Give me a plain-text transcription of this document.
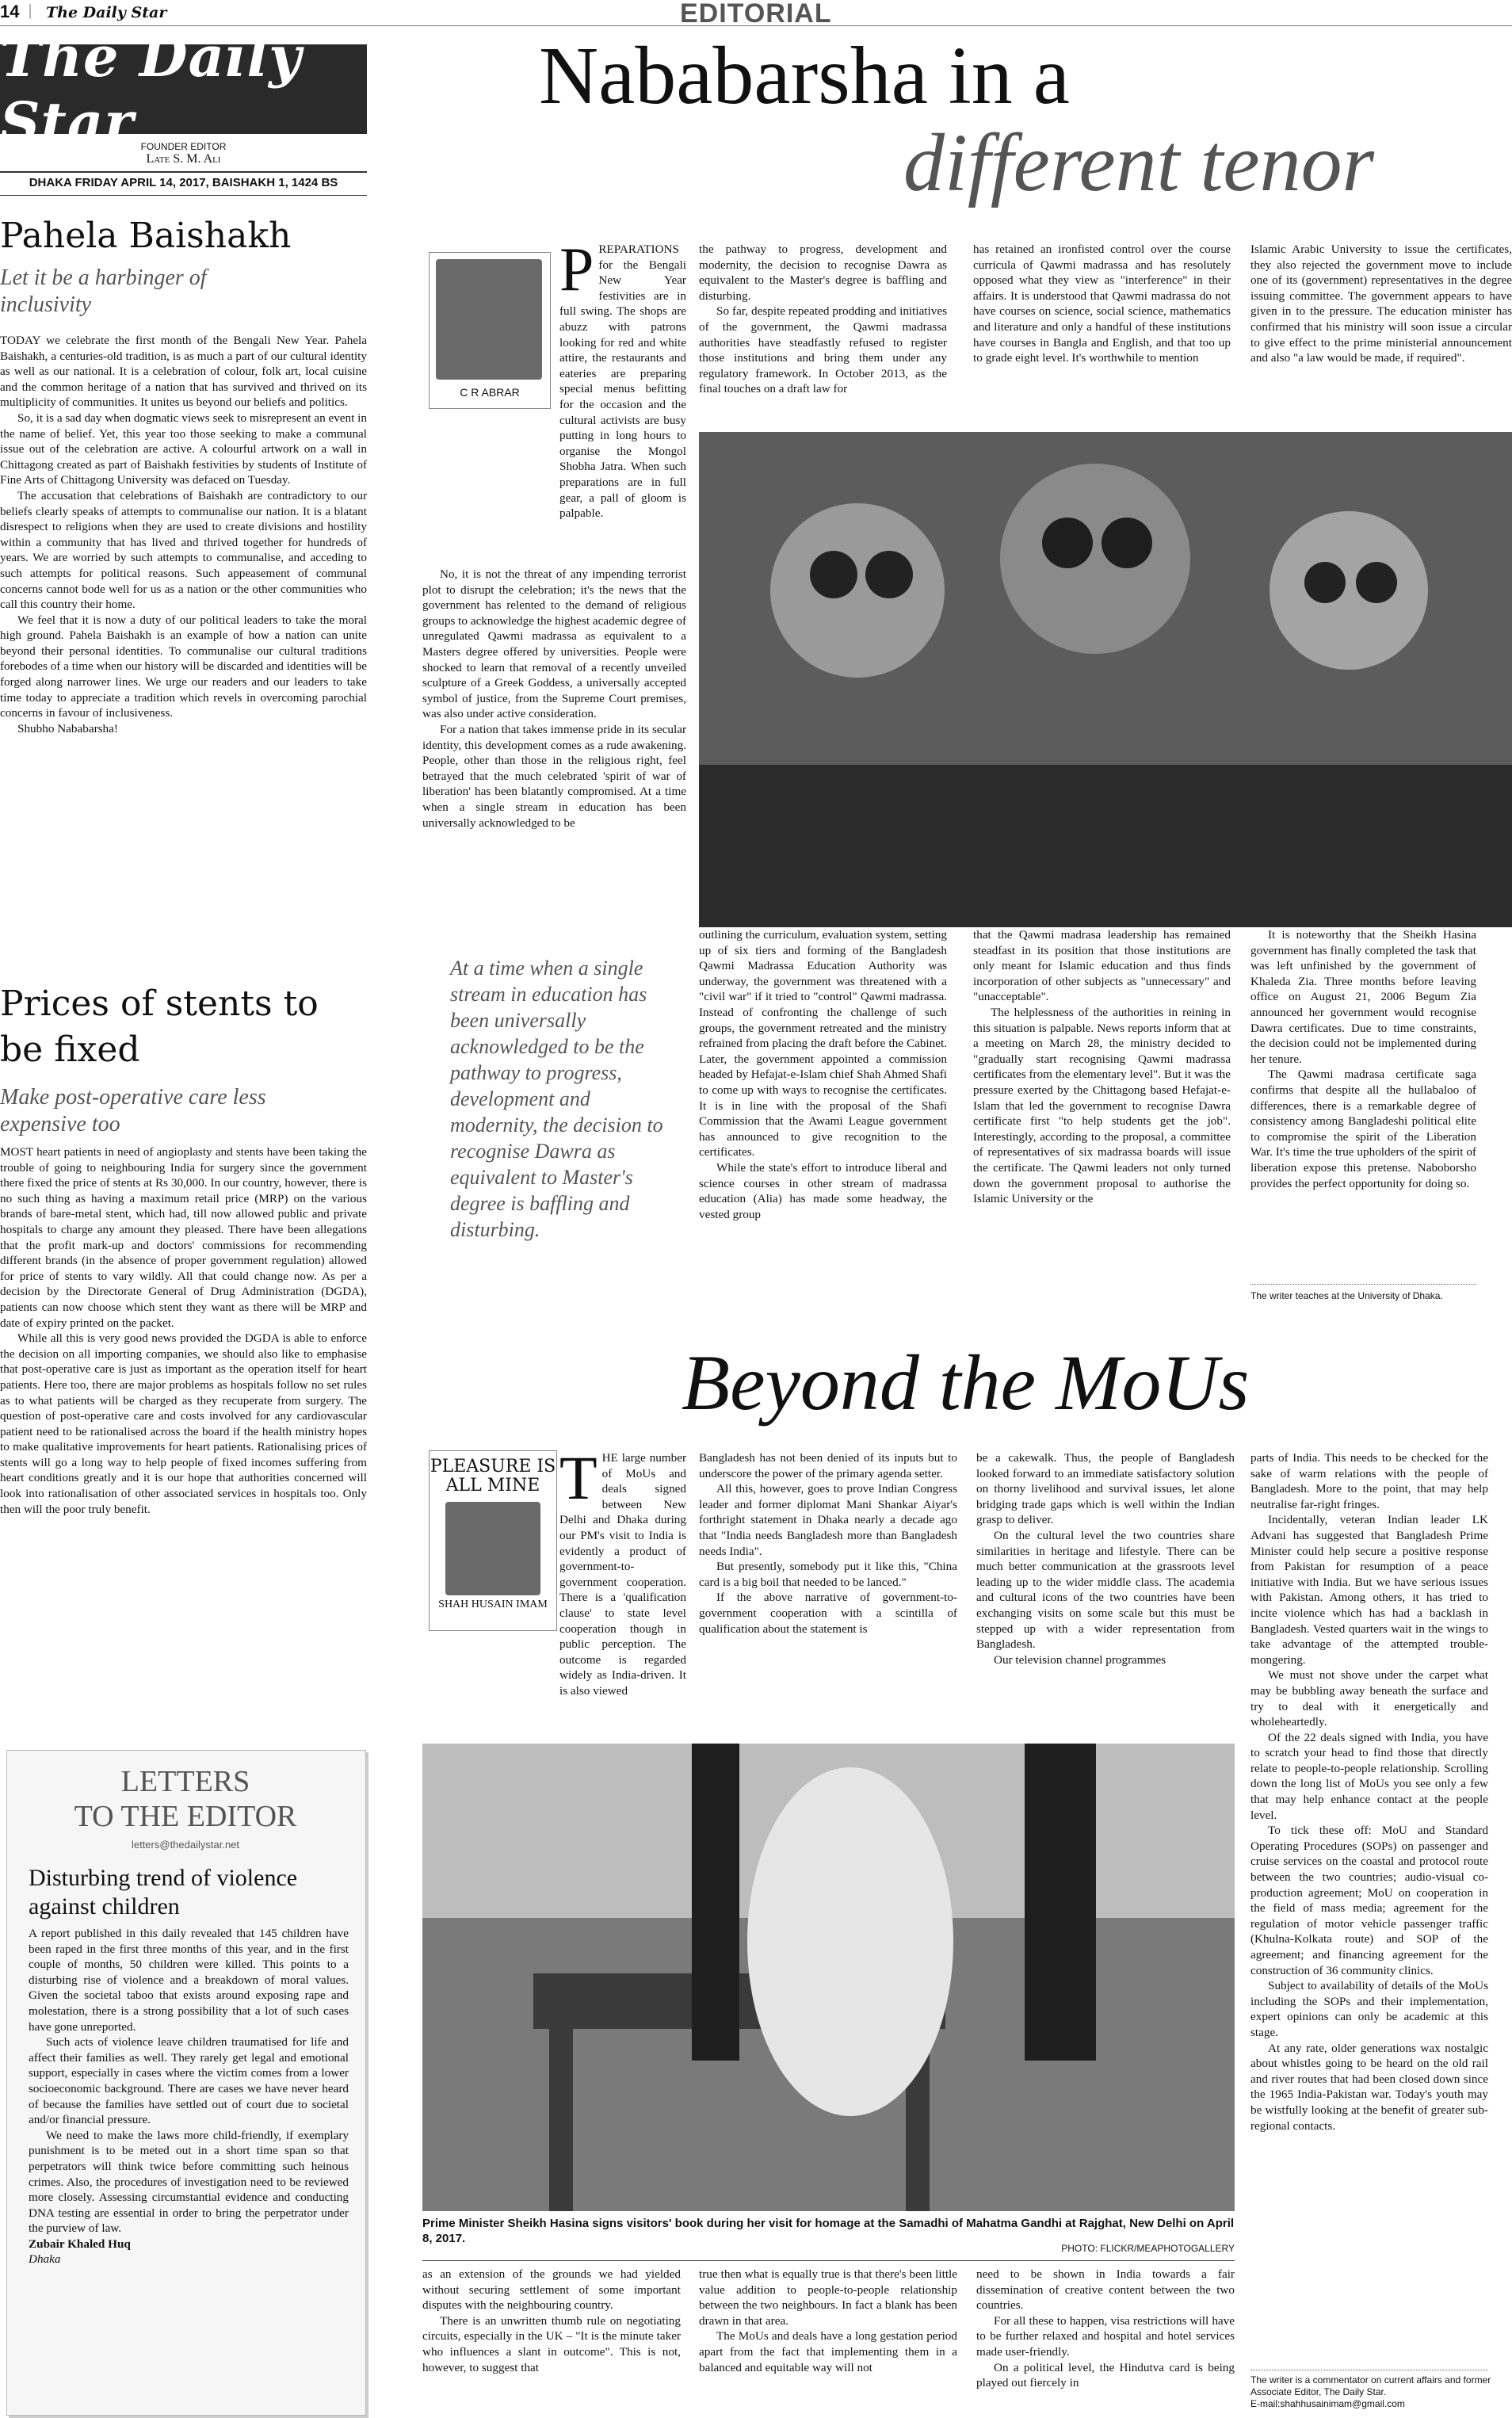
14 | The Daily Star	EDITORIAL
The Daily Star FOUNDER EDITOR
Late S. M. Ali
DHAKA FRIDAY APRIL 14, 2017, BAISHAKH 1, 1424 BS
Pahela Baishakh
Let it be a harbinger of inclusivity

TODAY we celebrate the first month of the Bengali New Year. Pahela Baishakh, a centuries-old tradition, is as much a part of our cultural identity as well as our national. It is a celebration of colour, folk art, local cuisine and the common heritage of a nation that has survived and thrived on its multiplicity of communities. It unites us beyond our beliefs and politics.

So, it is a sad day when dogmatic views seek to misrepresent an event in the name of belief. Yet, this year too those seeking to make a communal issue out of the celebration are active. A colourful artwork on a wall in Chittagong created as part of Baishakh festivities by students of Institute of Fine Arts of Chittagong University was defaced on Tuesday.

The accusation that celebrations of Baishakh are contradictory to our beliefs clearly speaks of attempts to communalise our nation. It is a blatant disrespect to religions when they are used to create divisions and hostility within a community that has lived and thrived together for hundreds of years. We are worried by such attempts to communalise, and acceding to such attempts for political reasons. Such appeasement of communal concerns cannot bode well for us as a nation or the other communities who call this country their home.

We feel that it is now a duty of our political leaders to take the moral high ground. Pahela Baishakh is an example of how a nation can unite beyond their personal identities. To communalise our cultural traditions forebodes of a time when our history will be discarded and identities will be forged along narrower lines. We urge our readers and our leaders to take time today to appreciate a tradition which revels in overcoming parochial concerns in favour of inclusiveness.

Shubho Nababarsha!

Prices of stents to be fixed
Make post-operative care less expensive too

MOST heart patients in need of angioplasty and stents have been taking the trouble of going to neighbouring India for surgery since the government there fixed the price of stents at Rs 30,000. In our country, however, there is no such thing as having a maximum retail price (MRP) on the various brands of bare-metal stent, which had, till now allowed public and private hospitals to charge any amount they pleased. There have been allegations that the profit mark-up and doctors' commissions for recommending different brands (in the absence of proper government regulation) allowed for price of stents to vary wildly. All that could change now. As per a decision by the Directorate General of Drug Administration (DGDA), patients can now choose which stent they want as there will be MRP and date of expiry printed on the packet.

While all this is very good news provided the DGDA is able to enforce the decision on all importing companies, we should also like to emphasise that post-operative care is just as important as the operation itself for heart patients. Here too, there are major problems as hospitals follow no set rules as to what patients will be charged as they recuperate from surgery. The question of post-operative care and costs involved for any cardiovascular patient need to be rationalised across the board if the health ministry hopes to make qualitative improvements for heart patients. Rationalising prices of stents will go a long way to help people of fixed incomes suffering from heart conditions greatly and it is our hope that authorities concerned will look into rationalisation of other associated services in hospitals too. Only then will the poor truly benefit.

LETTERS
TO THE EDITOR
letters@thedailystar.net
Disturbing trend of violence against children

A report published in this daily revealed that 145 children have been raped in the first three months of this year, and in the first couple of months, 50 children were killed. This points to a disturbing rise of violence and a breakdown of moral values. Given the societal taboo that exists around exposing rape and molestation, there is a strong possibility that a lot of such cases have gone unreported.

Such acts of violence leave children traumatised for life and affect their families as well. They rarely get legal and emotional support, especially in cases where the victim comes from a lower socioeconomic background. There are cases we have never heard of because the families have settled out of court due to societal and/or financial pressure.

We need to make the laws more child-friendly, if exemplary punishment is to be meted out in a short time span so that perpetrators will think twice before committing such heinous crimes. Also, the procedures of investigation need to be reviewed more closely. Assessing circumstantial evidence and conducting DNA testing are essential in order to bring the perpetrator under the purview of law.

Zubair Khaled Huq

Dhaka

Nababarsha in a
different tenor
C R ABRAR

PREPARATIONS for the Bengali New Year festivities are in full swing. The shops are abuzz with patrons looking for red and white attire, the restaurants and eateries are preparing special menus befitting for the occasion and the cultural activists are busy putting in long hours to organise the Mongol Shobha Jatra. When such preparations are in full gear, a pall of gloom is palpable.

No, it is not the threat of any impending terrorist plot to disrupt the celebration; it's the news that the government has relented to the demand of religious groups to acknowledge the highest academic degree of unregulated Qawmi madrassa as equivalent to a Masters degree offered by universities. People were shocked to learn that removal of a recently unveiled sculpture of a Greek Goddess, a universally accepted symbol of justice, from the Supreme Court premises, was also under active consideration.

For a nation that takes immense pride in its secular identity, this development comes as a rude awakening. People, other than those in the religious right, feel betrayed that the much celebrated 'spirit of war of liberation' has been blatantly compromised. At a time when a single stream in education has been universally acknowledged to be

the pathway to progress, development and modernity, the decision to recognise Dawra as equivalent to the Master's degree is baffling and disturbing.

So far, despite repeated prodding and initiatives of the government, the Qawmi madrassa authorities have steadfastly refused to register those institutions and bring them under any regulatory framework. In October 2013, as the final touches on a draft law for

has retained an ironfisted control over the course curricula of Qawmi madrassa and has resolutely opposed what they view as "interference" in their affairs. It is understood that Qawmi madrassa do not have courses on science, social science, mathematics and literature and only a handful of these institutions have courses in Bangla and English, and that too up to grade eight level. It's worthwhile to mention

Islamic Arabic University to issue the certificates, they also rejected the government move to include one of its (government) representatives in the degree issuing committee. The government appears to have given in to the pressure. The education minister has confirmed that his ministry will soon issue a circular to give effect to the prime ministerial announcement and also "a law would be made, if required".

At a time when a single stream in education has been universally acknowledged to be the pathway to progress, development and modernity, the decision to recognise Dawra as equivalent to Master's degree is baffling and disturbing.

outlining the curriculum, evaluation system, setting up of six tiers and forming of the Bangladesh Qawmi Madrassa Education Authority was underway, the government was threatened with a "civil war" if it tried to "control" Qawmi madrassa. Instead of confronting the challenge of such groups, the government retreated and the ministry refrained from placing the draft before the Cabinet. Later, the government appointed a commission headed by Hefajat-e-Islam chief Shah Ahmed Shafi to come up with ways to recognise the certificates. It is in line with the proposal of the Shafi Commission that the Awami League government has announced to give recognition to the certificates.

While the state's effort to introduce liberal and science courses in other stream of madrassa education (Alia) has made some headway, the vested group

that the Qawmi madrasa leadership has remained steadfast in its position that those institutions are only meant for Islamic education and thus finds incorporation of other subjects as "unnecessary" and "unacceptable".

The helplessness of the authorities in reining in this situation is palpable. News reports inform that at a meeting on March 28, the ministry decided to "gradually start recognising Qawmi madrassa certificates from the elementary level". But it was the pressure exerted by the Chittagong based Hefajat-e-Islam that led the government to recognise Dawra certificate first "to help students get the job". Interestingly, according to the proposal, a committee of representatives of six madrassa boards will issue the certificate. The Qawmi leaders not only turned down the government proposal to authorise the Islamic University or the

It is noteworthy that the Sheikh Hasina government has finally completed the task that was left unfinished by the government of Khaleda Zia. Three months before leaving office on August 21, 2006 Begum Zia announced her government would recognise Dawra certificates. Due to time constraints, the decision could not be implemented during her tenure.

The Qawmi madrasa certificate saga confirms that despite all the hullabaloo of differences, there is a remarkable degree of consistency among Bangladeshi political elite to compromise the spirit of the Liberation War. It's time the true upholders of the spirit of liberation expose this pretense. Naboborsho provides the perfect opportunity for doing so.

The writer teaches at the University of Dhaka.
Beyond the MoUs
PLEASURE IS
ALL MINE
SHAH HUSAIN IMAM

THE large number of MoUs and deals signed between New Delhi and Dhaka during our PM's visit to India is evidently a product of government-to-government cooperation. There is a 'qualification clause' to state level cooperation though in public perception. The outcome is regarded widely as India-driven. It is also viewed

Bangladesh has not been denied of its inputs but to underscore the power of the primary agenda setter.

All this, however, goes to prove Indian Congress leader and former diplomat Mani Shankar Aiyar's forthright statement in Dhaka nearly a decade ago that "India needs Bangladesh more than Bangladesh needs India".

But presently, somebody put it like this, "China card is a big boil that needed to be lanced."

If the above narrative of government-to-government cooperation with a scintilla of qualification about the statement is

be a cakewalk. Thus, the people of Bangladesh looked forward to an immediate satisfactory solution on thorny livelihood and survival issues, let alone bridging trade gaps which is well within the Indian grasp to deliver.

On the cultural level the two countries share similarities in heritage and lifestyle. There can be much better communication at the grassroots level leading up to the wider middle class. The academia and cultural icons of the two countries have been exchanging visits on some scale but this must be stepped up with a wider representation from Bangladesh.

Our television channel programmes

parts of India. This needs to be checked for the sake of warm relations with the people of Bangladesh. More to the point, that may help neutralise far-right fringes.

Incidentally, veteran Indian leader LK Advani has suggested that Bangladesh Prime Minister could help secure a positive response from Pakistan for resumption of a peace initiative with India. But we have serious issues with Pakistan. Among others, it has tried to incite violence which has had a backlash in Bangladesh. Vested quarters wait in the wings to take advantage of the attempted trouble-mongering.

We must not shove under the carpet what may be bubbling away beneath the surface and try to deal with it energetically and wholeheartedly.

Of the 22 deals signed with India, you have to scratch your head to find those that directly relate to people-to-people relationship. Scrolling down the long list of MoUs you see only a few that may help enhance contact at the people level.

To tick these off: MoU and Standard Operating Procedures (SOPs) on passenger and cruise services on the coastal and protocol route between the two countries; audio-visual co-production agreement; MoU on cooperation in the field of mass media; agreement for the regulation of motor vehicle passenger traffic (Khulna-Kolkata route) and SOP of the agreement; and financing agreement for the construction of 36 community clinics.

Subject to availability of details of the MoUs including the SOPs and their implementation, expert opinions can only be academic at this stage.

At any rate, older generations wax nostalgic about whistles going to be heard on the old rail and river routes that had been closed down since the 1965 India-Pakistan war. Today's youth may be wistfully looking at the benefit of greater sub-regional contacts.

Prime Minister Sheikh Hasina signs visitors' book during her visit for homage at the Samadhi of Mahatma Gandhi at Rajghat, New Delhi on April 8, 2017.
PHOTO: FLICKR/MEAPHOTOGALLERY

as an extension of the grounds we had yielded without securing settlement of some important disputes with the neighbouring country.

There is an unwritten thumb rule on negotiating circuits, especially in the UK – "It is the minute taker who influences a slant in outcome". This is not, however, to suggest that

true then what is equally true is that there's been little value addition to people-to-people relationship between the two neighbours. In fact a blank has been drawn in that area.

The MoUs and deals have a long gestation period apart from the fact that implementing them in a balanced and equitable way will not

need to be shown in India towards a fair dissemination of creative content between the two countries.

For all these to happen, visa restrictions will have to be further relaxed and hospital and hotel services made user-friendly.

On a political level, the Hindutva card is being played out fiercely in	The writer is a commentator on current affairs and former Associate Editor, The Daily Star.
E-mail:shahhusainimam@gmail.com
